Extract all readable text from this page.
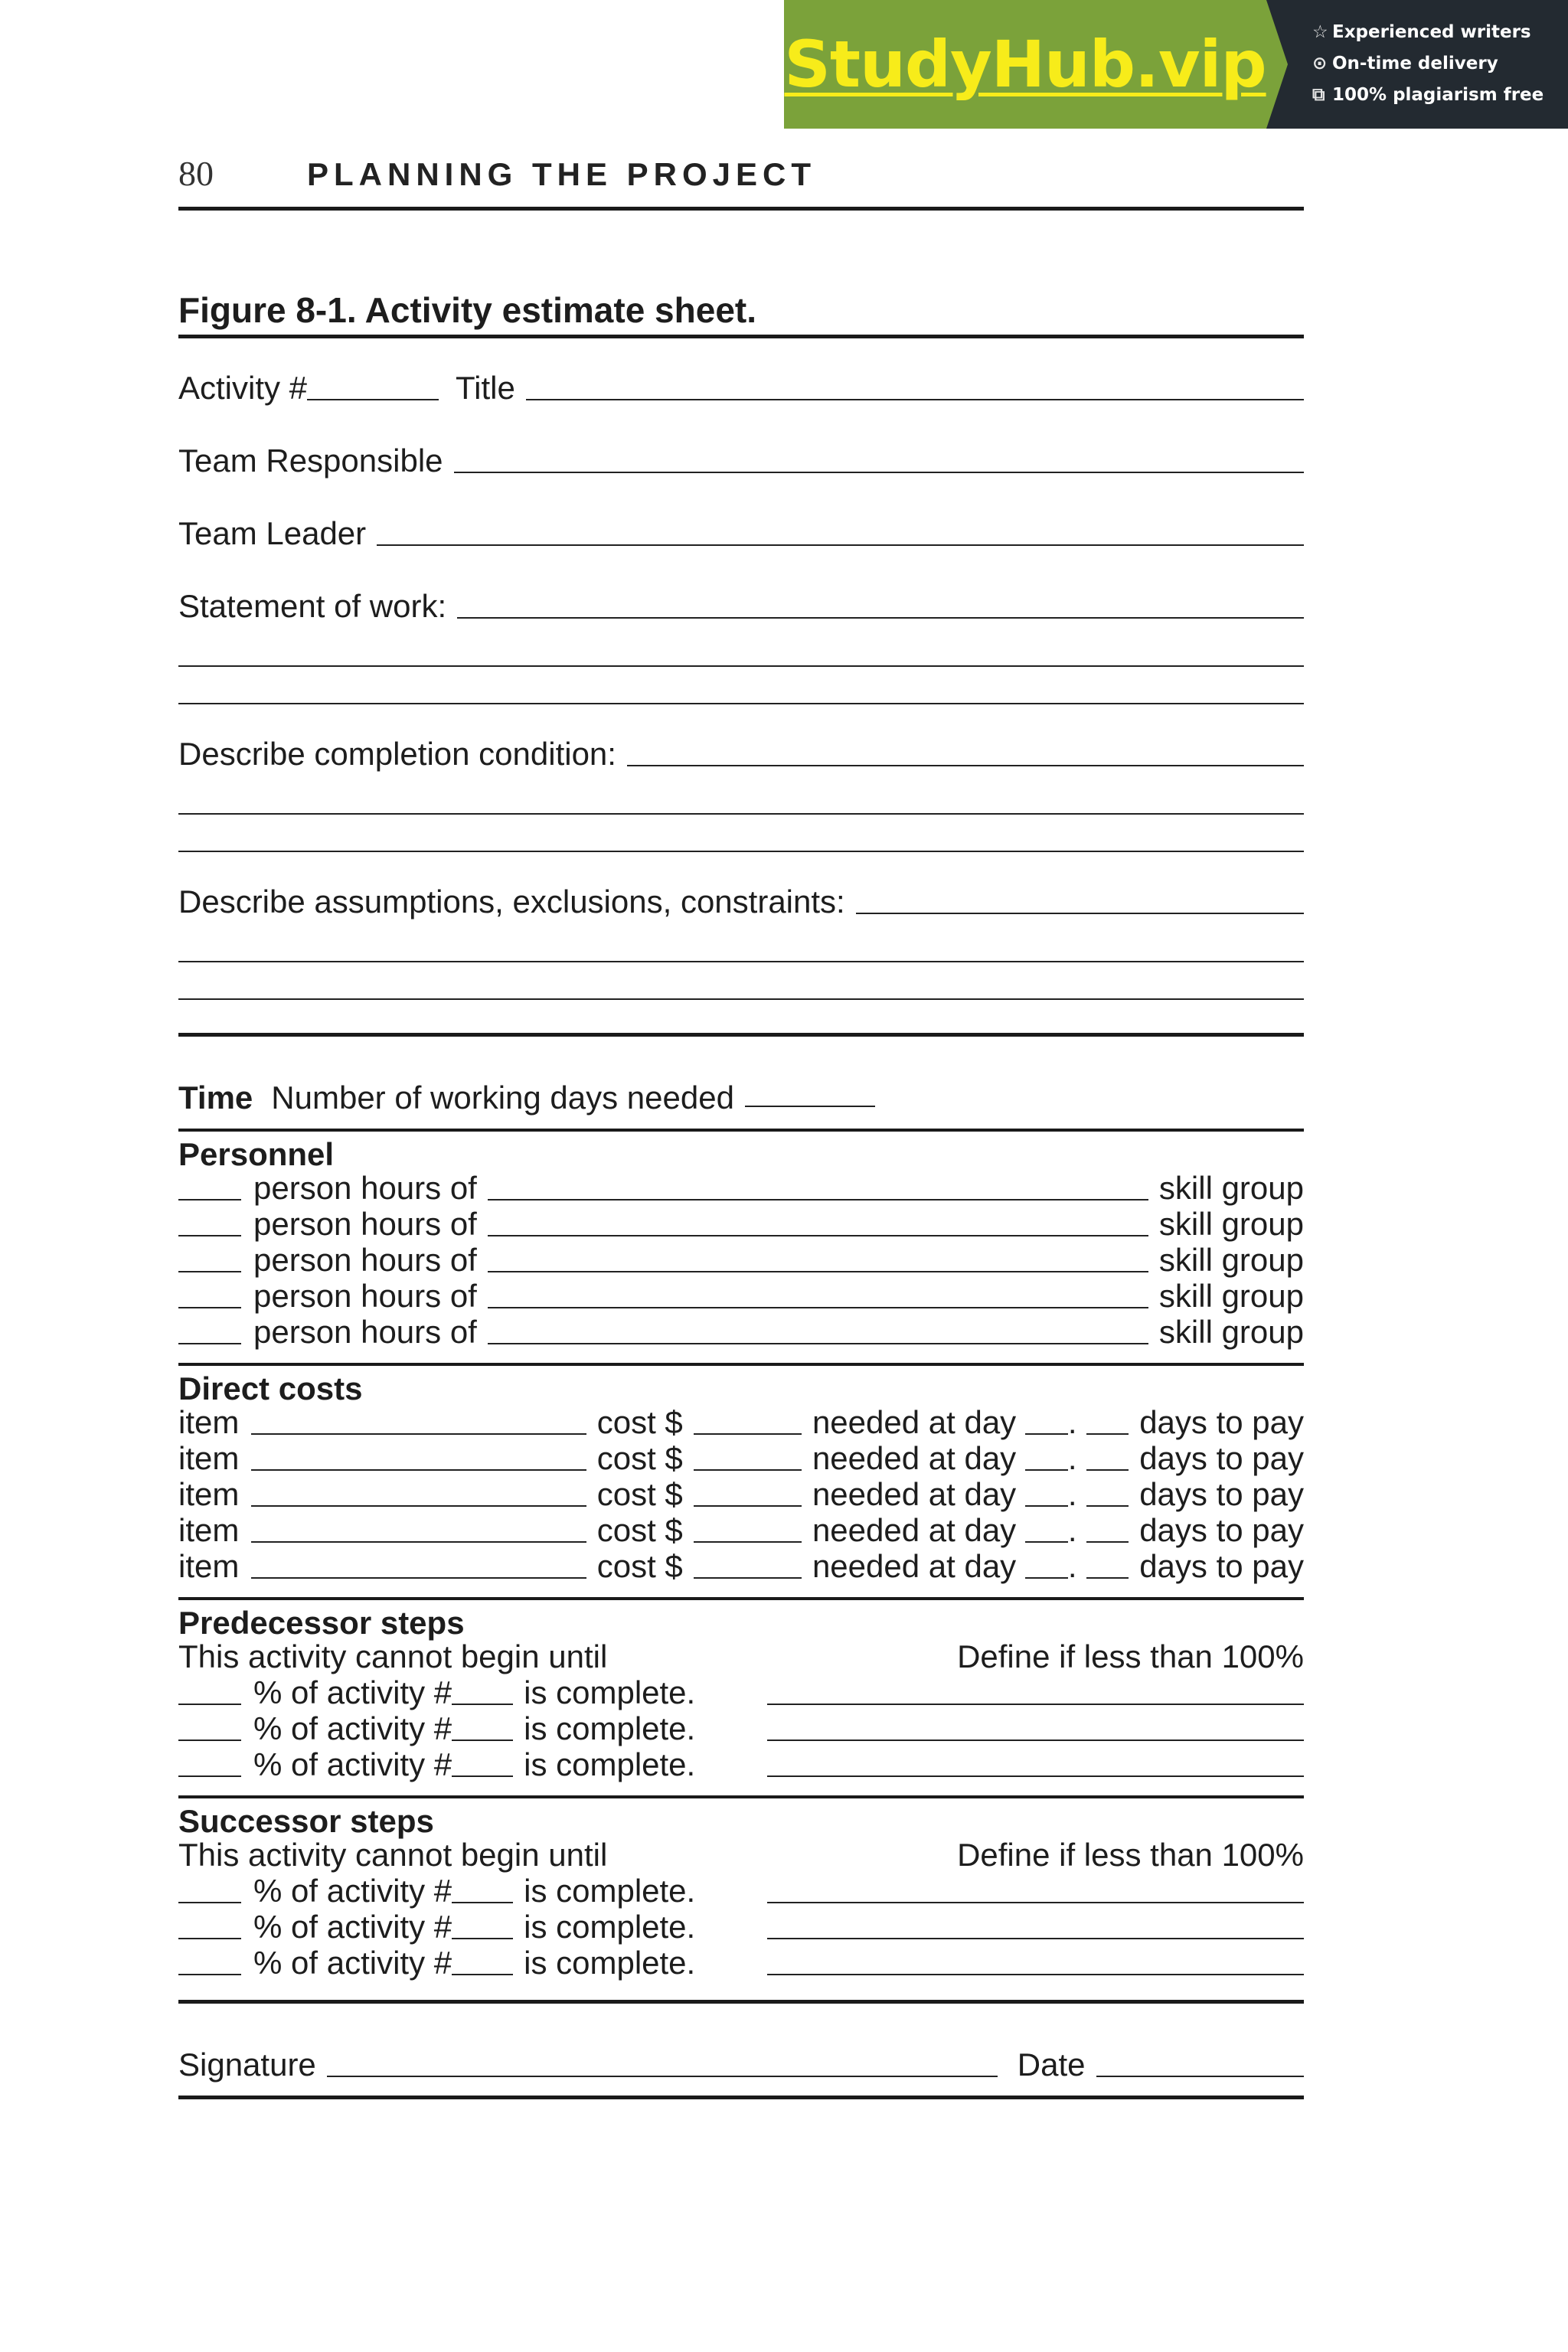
StudyHub.vip	☆ Experienced writers
⊙ On-time delivery
⧉ 100% plagiarism free
80	PLANNING THE PROJECT
Figure 8-1. Activity estimate sheet.
Activity #	Title
Team Responsible
Team Leader
Statement of work:
Describe completion condition:
Describe assumptions, exclusions, constraints:
Time Number of working days needed
Personnel
person hours of	skill group
person hours of	skill group
person hours of	skill group
person hours of	skill group
person hours of	skill group
Direct costs
item	cost $	needed at day . days to pay
item	cost $	needed at day . days to pay
item	cost $	needed at day . days to pay
item	cost $	needed at day . days to pay
item	cost $	needed at day . days to pay
Predecessor steps
This activity cannot begin until	Define if less than 100%
% of activity # is complete.
% of activity # is complete.
% of activity # is complete.
Successor steps
This activity cannot begin until	Define if less than 100%
% of activity # is complete.
% of activity # is complete.
% of activity # is complete.
Signature	Date
